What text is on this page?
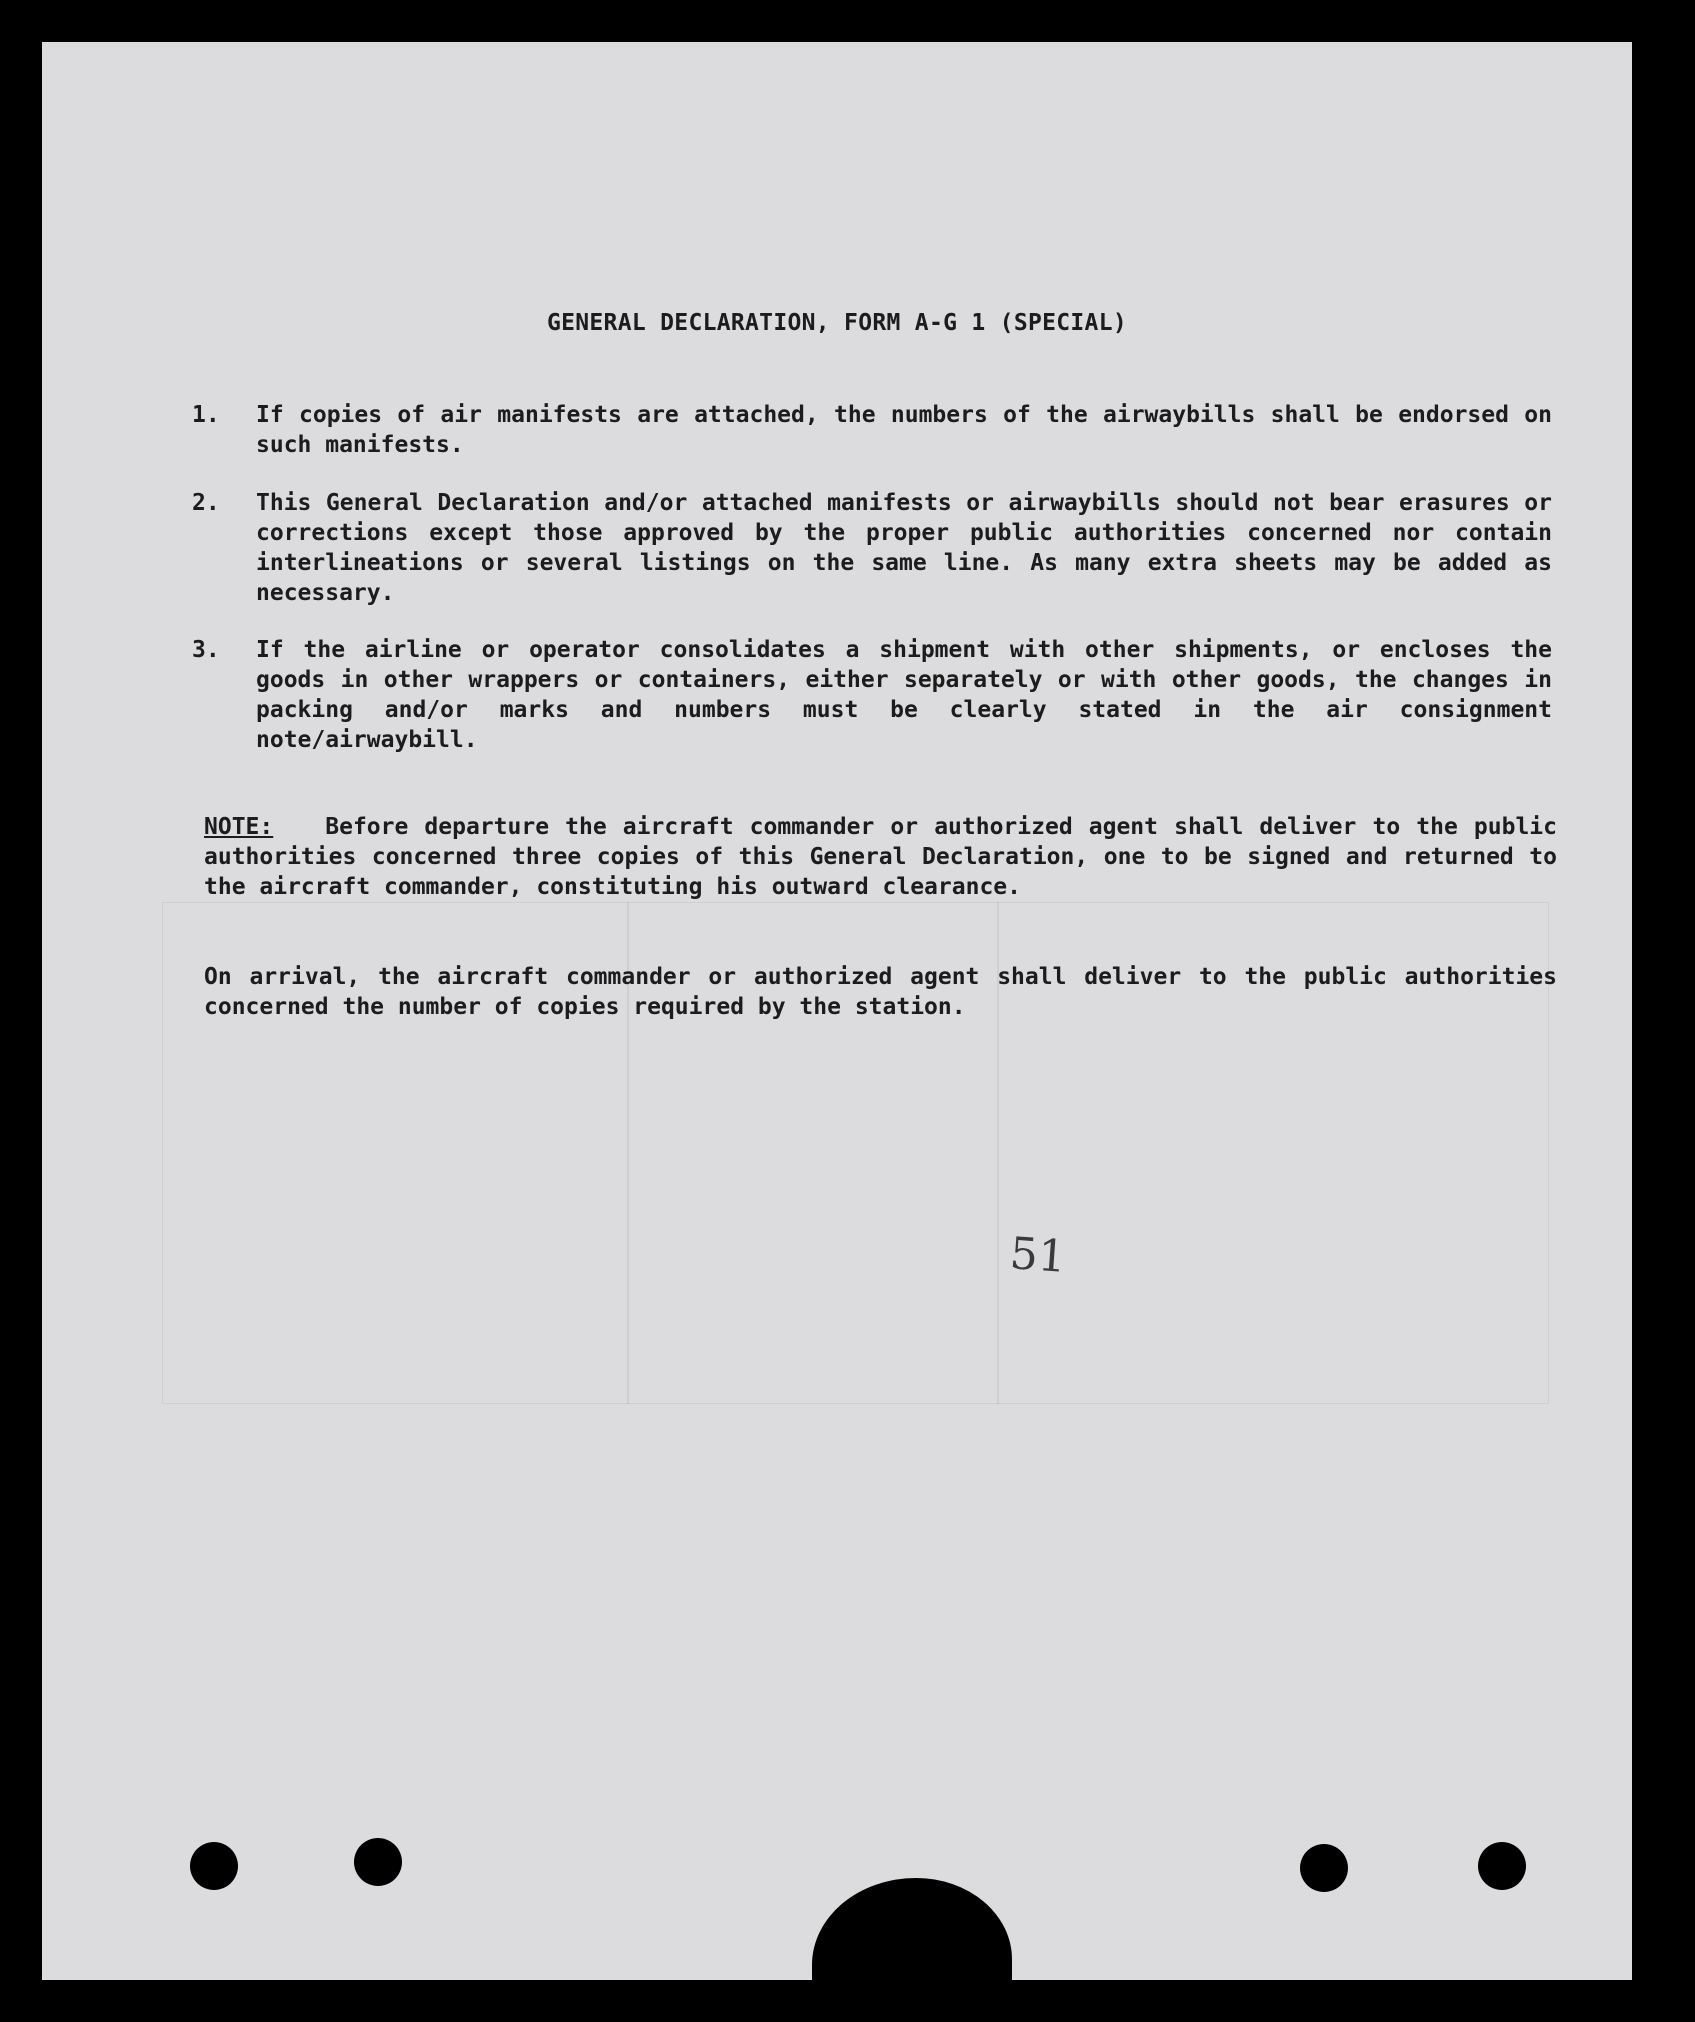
GENERAL DECLARATION, FORM A-G 1 (SPECIAL)
1.	If copies of air manifests are attached, the numbers of the airwaybills shall be endorsed on such manifests.
2.	This General Declaration and/or attached manifests or airwaybills should not bear erasures or corrections except those approved by the proper public authorities concerned nor contain interlineations or several listings on the same line. As many extra sheets may be added as necessary.
3.	If the airline or operator consolidates a shipment with other shipments, or encloses the goods in other wrappers or containers, either separately or with other goods, the changes in packing and/or marks and numbers must be clearly stated in the air consignment note/airwaybill.
NOTE: Before departure the aircraft commander or authorized agent shall deliver to the public authorities concerned three copies of this General Declaration, one to be signed and returned to the aircraft commander, constituting his outward clearance.
On arrival, the aircraft commander or authorized agent shall deliver to the public authorities concerned the number of copies required by the station.
51
